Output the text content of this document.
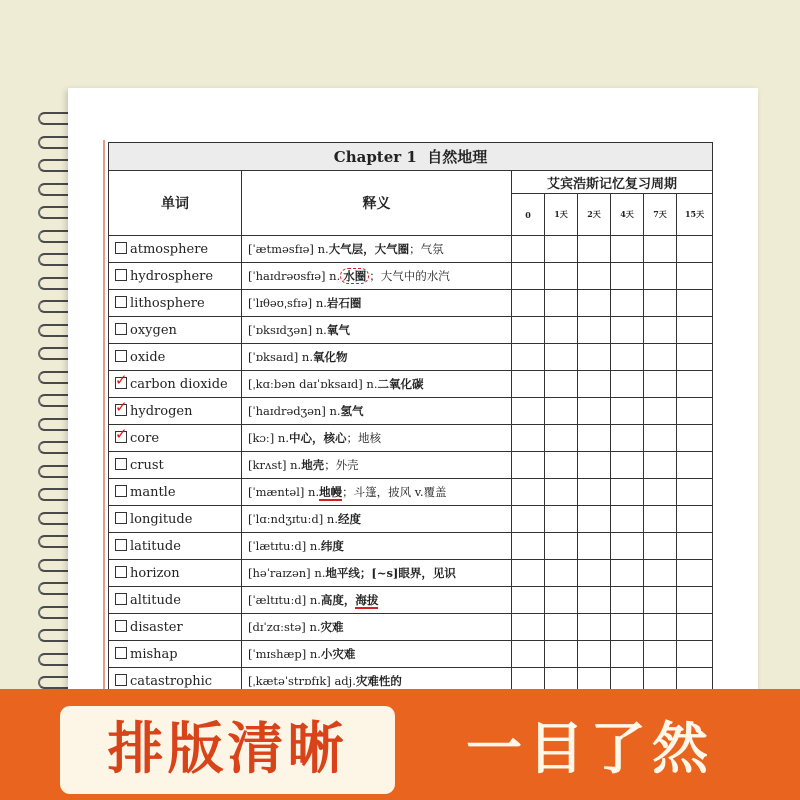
Chapter 1 自然地理							
单词	释义	艾宾浩斯记忆复习周期					
		0	1天	2天	4天	7天	15天
atmosphere	[ˈætməsfɪə] n.大气层，大气圈；气氛						
hydrosphere	[ˈhaɪdrəʊsfɪə] n. 水圈 ；大气中的水汽						
lithosphere	[ˈlɪθəʊˌsfɪə] n.岩石圈						
oxygen	[ˈɒksɪdʒən] n.氧气						
oxide	[ˈɒksaɪd] n.氧化物						

✓ carbon dioxide	[ˌkɑːbən daɪˈɒksaɪd] n.二氧化碳						

✓ hydrogen	[ˈhaɪdrədʒən] n.氢气						

✓ core	[kɔː] n.中心，核心；地核						
crust	[krʌst] n.地壳；外壳						
mantle	[ˈmæntəl] n.地幔；斗篷，披风 v.覆盖						
longitude	[ˈlɑːndʒɪtuːd] n.经度						
latitude	[ˈlætɪtuːd] n.纬度						
horizon	[həˈraɪzən] n.地平线；[~s]眼界，见识						
altitude	[ˈæltɪtuːd] n.高度，海拔						
disaster	[dɪˈzɑːstə] n.灾难						
mishap	[ˈmɪshæp] n.小灾难						
catastrophic	[ˌkætəˈstrɒfɪk] adj.灾难性的						
排版清晰	一目了然
